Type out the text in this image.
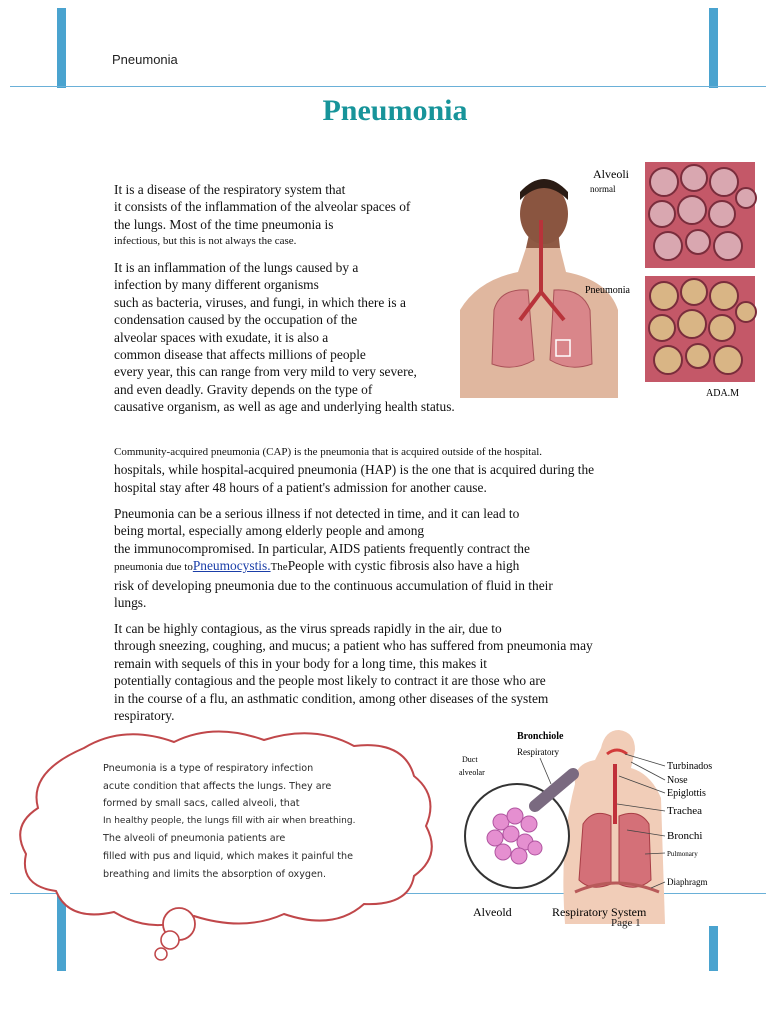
Pneumonia
Pneumonia
It is a disease of the respiratory system that
it consists of the inflammation of the alveolar spaces of
the lungs. Most of the time pneumonia is
infectious, but this is not always the case.
It is an inflammation of the lungs caused by a
infection by many different organisms
such as bacteria, viruses, and fungi, in which there is a
condensation caused by the occupation of the
alveolar spaces with exudate, it is also a
common disease that affects millions of people
every year, this can range from very mild to very severe,
and even deadly. Gravity depends on the type of
causative organism, as well as age and underlying health status.
Community-acquired pneumonia (CAP) is the pneumonia that is acquired outside of the hospital.
hospitals, while hospital-acquired pneumonia (HAP) is the one that is acquired during the
hospital stay after 48 hours of a patient's admission for another cause.
Pneumonia can be a serious illness if not detected in time, and it can lead to
being mortal, especially among elderly people and among
the immunocompromised. In particular, AIDS patients frequently contract the
pneumonia due toPneumocystis.ThePeople with cystic fibrosis also have a high
risk of developing pneumonia due to the continuous accumulation of fluid in their
lungs.
It can be highly contagious, as the virus spreads rapidly in the air, due to
through sneezing, coughing, and mucus; a patient who has suffered from pneumonia may
remain with sequels of this in your body for a long time, this makes it
potentially contagious and the people most likely to contract it are those who are
in the course of a flu, an asthmatic condition, among other diseases of the system
respiratory.
Alveoli
normal
Pneumonia
ADA.M
Pneumonia is a type of respiratory infection
acute condition that affects the lungs. They are
formed by small sacs, called alveoli, that
In healthy people, the lungs fill with air when breathing.
The alveoli of pneumonia patients are
filled with pus and liquid, which makes it painful the
breathing and limits the absorption of oxygen.
Bronchiole
Respiratory
Duct
alveolar
Turbinados
Nose
Epiglottis
Trachea
Bronchi
Pulmonary
Diaphragm
Alveold	Respiratory System
Page 1
